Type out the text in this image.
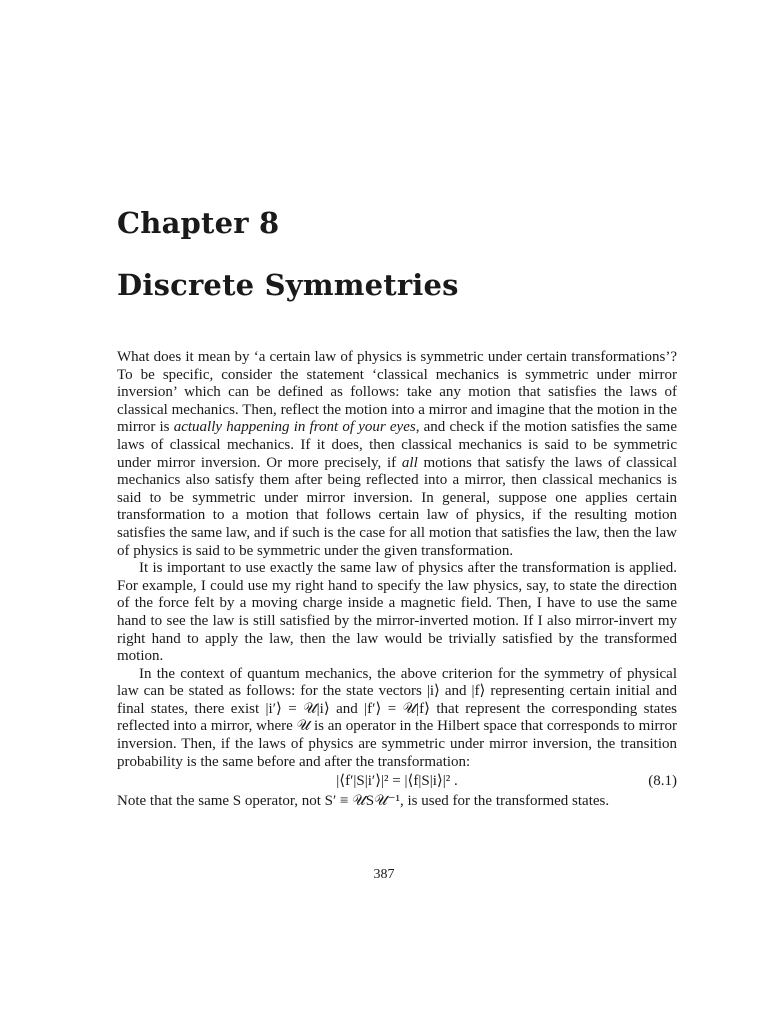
Chapter 8
Discrete Symmetries

What does it mean by ‘a certain law of physics is symmetric under certain transformations’? To be specific, consider the statement ‘classical mechanics is symmetric under mirror inversion’ which can be defined as follows: take any motion that satisfies the laws of classical mechanics. Then, reflect the motion into a mirror and imagine that the motion in the mirror is actually happening in front of your eyes, and check if the motion satisfies the same laws of classical mechanics. If it does, then classical mechanics is said to be symmetric under mirror inversion. Or more precisely, if all motions that satisfy the laws of classical mechanics also satisfy them after being reflected into a mirror, then classical mechanics is said to be symmetric under mirror inversion. In general, suppose one applies certain transformation to a motion that follows certain law of physics, if the resulting motion satisfies the same law, and if such is the case for all motion that satisfies the law, then the law of physics is said to be symmetric under the given transformation.

It is important to use exactly the same law of physics after the transformation is applied. For example, I could use my right hand to specify the law physics, say, to state the direction of the force felt by a moving charge inside a magnetic field. Then, I have to use the same hand to see the law is still satisfied by the mirror-inverted motion. If I also mirror-invert my right hand to apply the law, then the law would be trivially satisfied by the transformed motion.

In the context of quantum mechanics, the above criterion for the symmetry of physical law can be stated as follows: for the state vectors |i⟩ and |f⟩ representing certain initial and final states, there exist |i′⟩ = 𝒰|i⟩ and |f′⟩ = 𝒰|f⟩ that represent the corresponding states reflected into a mirror, where 𝒰 is an operator in the Hilbert space that corresponds to mirror inversion. Then, if the laws of physics are symmetric under mirror inversion, the transition probability is the same before and after the transformation:

|⟨f′|S|i′⟩|² = |⟨f|S|i⟩|² .	(8.1)

Note that the same S operator, not S′ ≡ 𝒰S𝒰⁻¹, is used for the transformed states.

387
